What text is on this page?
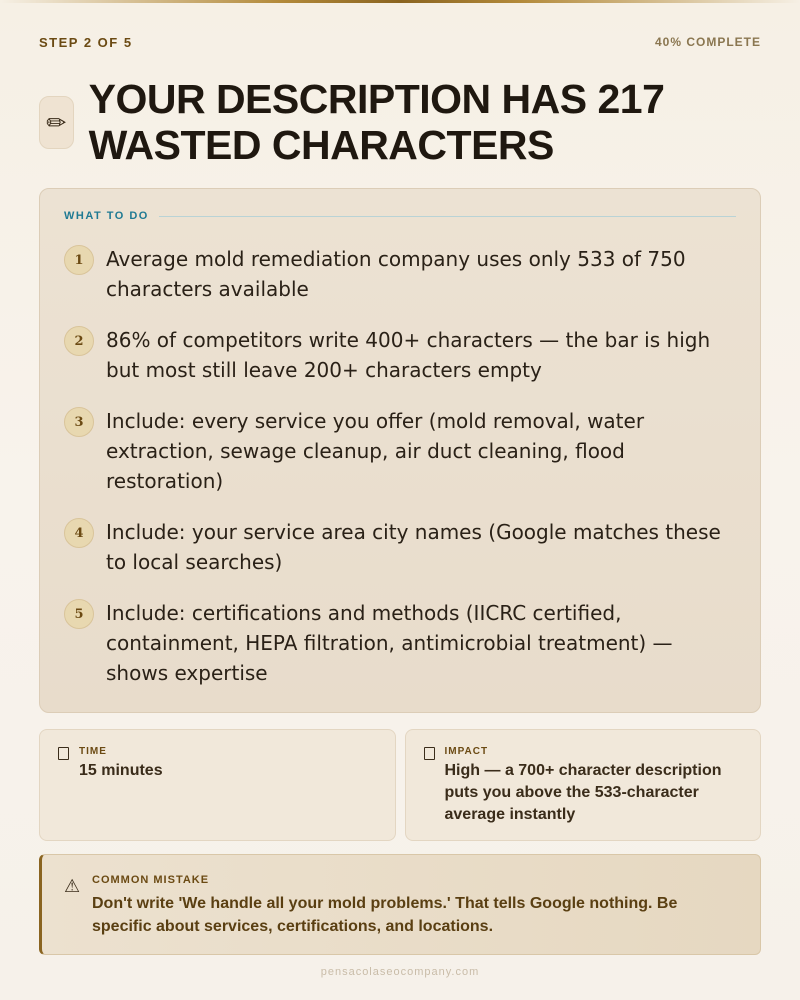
STEP 2 OF 5	40% COMPLETE
✏
YOUR DESCRIPTION HAS 217 WASTED CHARACTERS
WHAT TO DO
1	Average mold remediation company uses only 533 of 750 characters available
2	86% of competitors write 400+ characters — the bar is high but most still leave 200+ characters empty
3	Include: every service you offer (mold removal, water extraction, sewage cleanup, air duct cleaning, flood restoration)
4	Include: your service area city names (Google matches these to local searches)
5	Include: certifications and methods (IICRC certified, containment, HEPA filtration, antimicrobial treatment) — shows expertise
TIME
15 minutes
IMPACT
High — a 700+ character description puts you above the 533-character average instantly
⚠ COMMON MISTAKE
Don't write 'We handle all your mold problems.' That tells Google nothing. Be specific about services, certifications, and locations.
pensacolaseocompany.com
